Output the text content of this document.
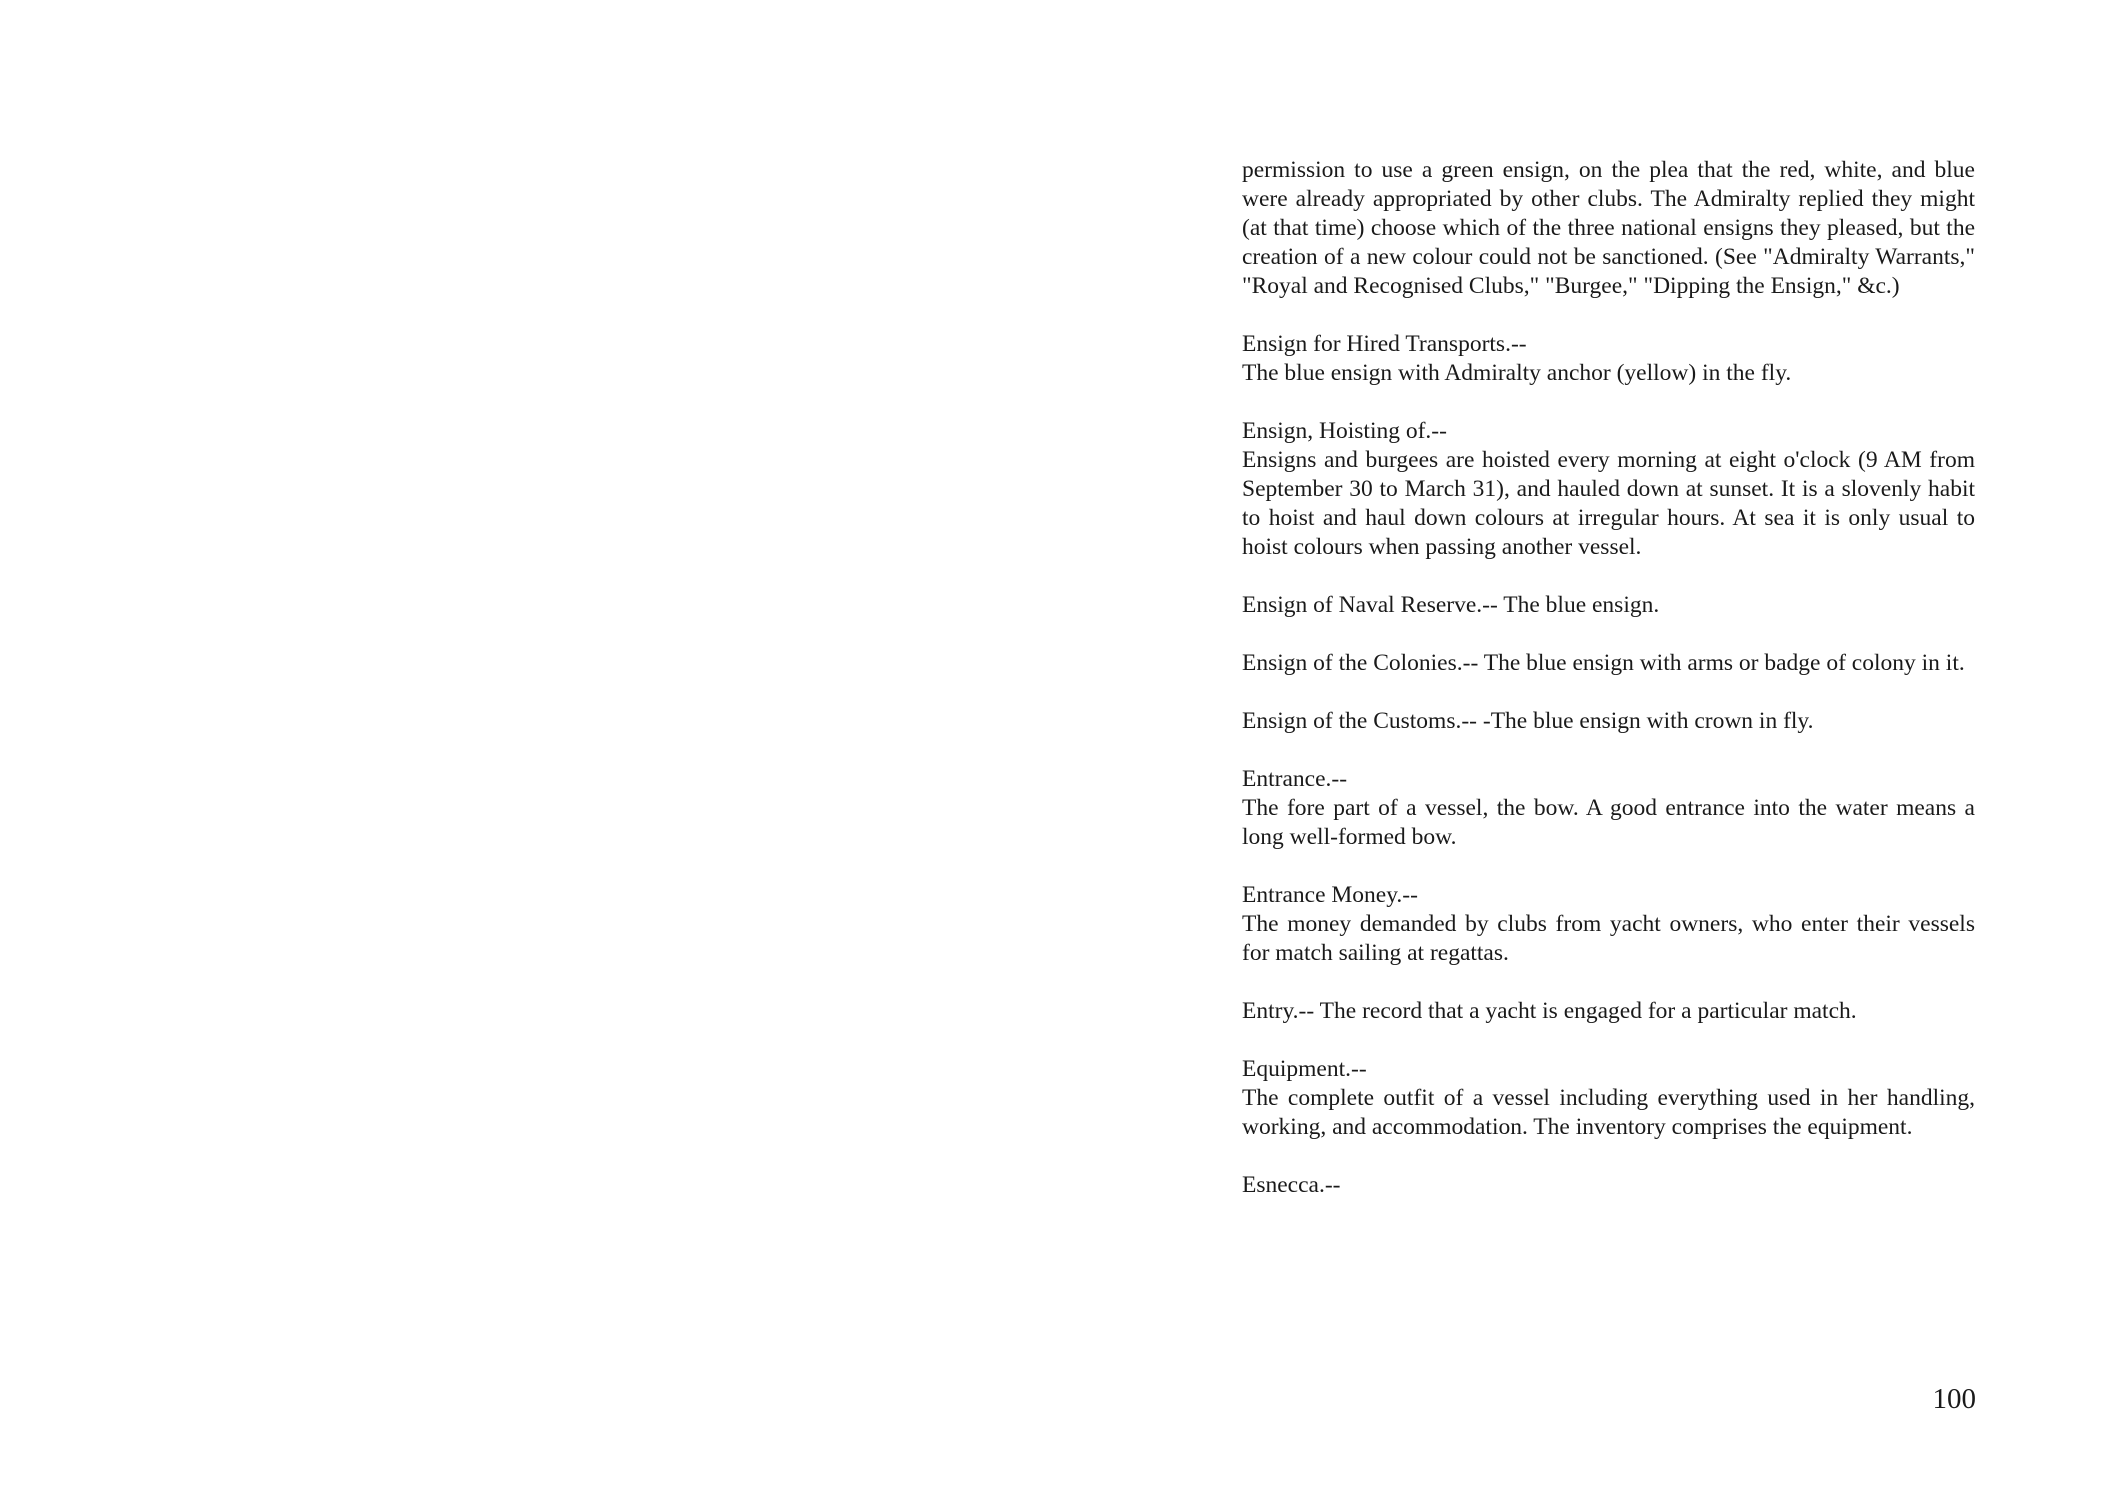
permission to use a green ensign, on the plea that the red, white, and blue were already appropriated by other clubs. The Admiralty replied they might (at that time) choose which of the three national ensigns they pleased, but the creation of a new colour could not be sanctioned. (See "Admiralty Warrants," "Royal and Recognised Clubs," "Burgee," "Dipping the Ensign," &c.)
Ensign for Hired Transports.--
The blue ensign with Admiralty anchor (yellow) in the fly.
Ensign, Hoisting of.--
Ensigns and burgees are hoisted every morning at eight o'clock (9 AM from September 30 to March 31), and hauled down at sunset. It is a slovenly habit to hoist and haul down colours at irregular hours. At sea it is only usual to hoist colours when passing another vessel.
Ensign of Naval Reserve.-- The blue ensign.
Ensign of the Colonies.-- The blue ensign with arms or badge of colony in it.
Ensign of the Customs.-- -The blue ensign with crown in fly.
Entrance.--
The fore part of a vessel, the bow. A good entrance into the water means a long well-formed bow.
Entrance Money.--
The money demanded by clubs from yacht owners, who enter their vessels for match sailing at regattas.
Entry.-- The record that a yacht is engaged for a particular match.
Equipment.--
The complete outfit of a vessel including everything used in her handling, working, and accommodation. The inventory comprises the equipment.
Esnecca.--
100
